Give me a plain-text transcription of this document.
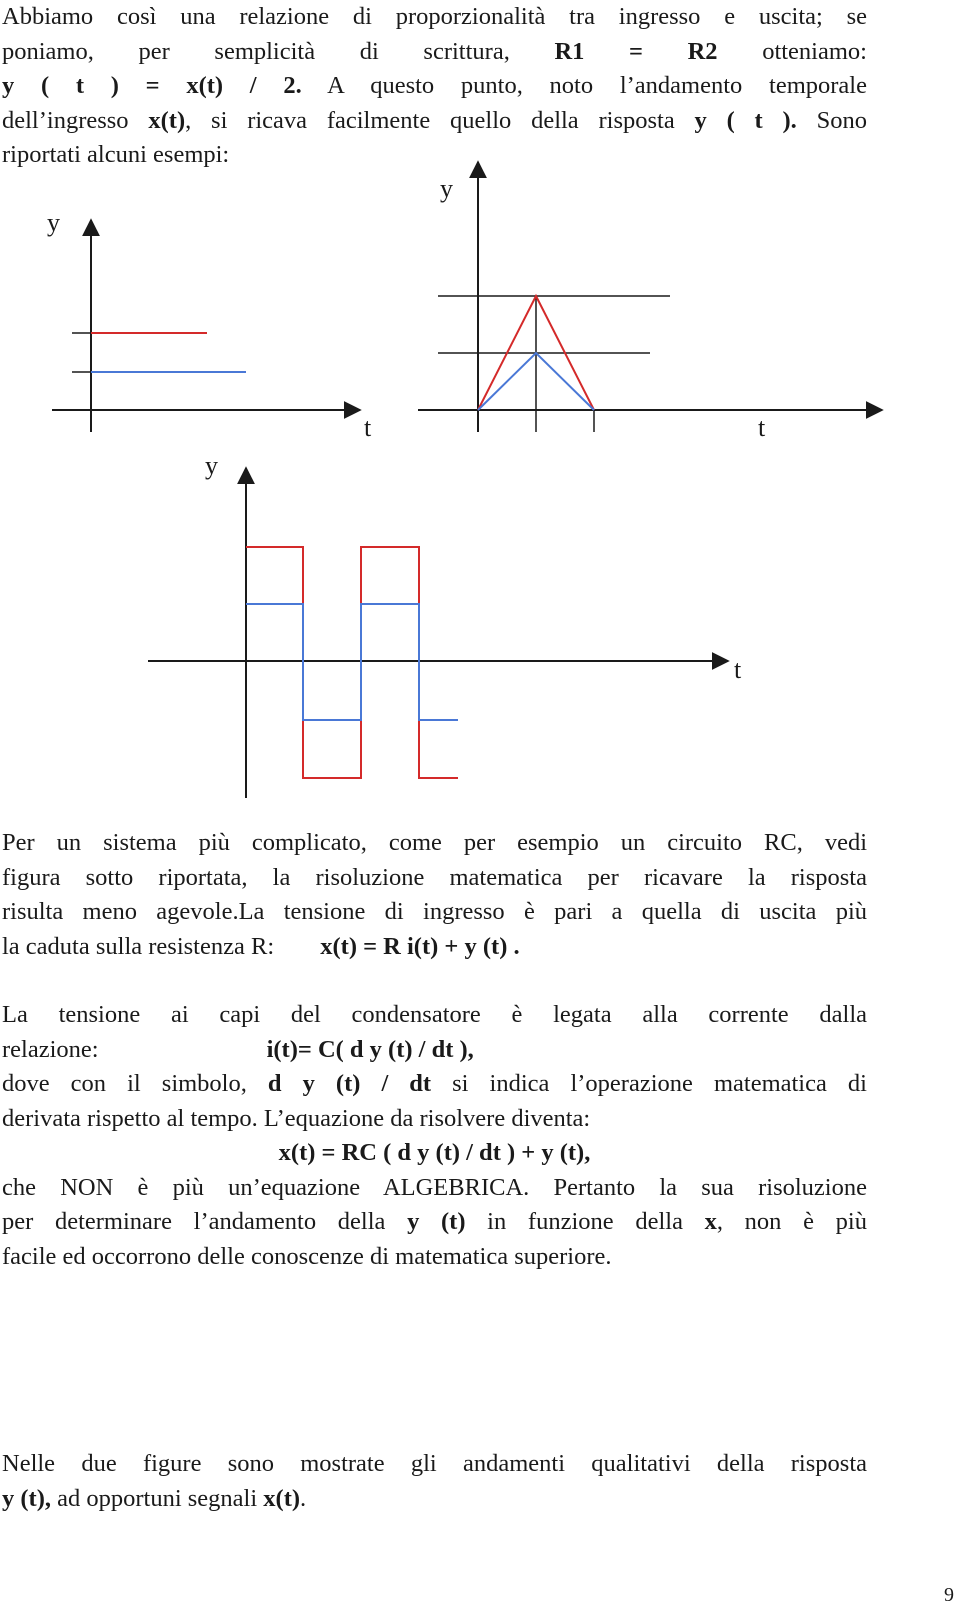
Abbiamo così una relazione di proporzionalità tra ingresso e uscita; se
poniamo, per semplicità di scrittura, R1 = R2 otteniamo:
y ( t ) = x(t) / 2. A questo punto, noto l’andamento temporale
dell’ingresso x(t), si ricava facilmente quello della risposta y ( t ). Sono
riportati alcuni esempi:
y
t
y
t
y
t
Per un sistema più complicato, come per esempio un circuito RC, vedi
figura sotto riportata, la risoluzione matematica per ricavare la risposta
risulta meno agevole.La tensione di ingresso è pari a quella di uscita più
la caduta sulla resistenza R: x(t) = R i(t) + y (t) .
La tensione ai capi del condensatore è legata alla corrente dalla
relazione:	i(t)= C( d y (t) / dt ),
dove con il simbolo, d y (t) / dt si indica l’operazione matematica di
derivata rispetto al tempo. L’equazione da risolvere diventa:
x(t) = RC ( d y (t) / dt ) + y (t),
che NON è più un’equazione ALGEBRICA. Pertanto la sua risoluzione
per determinare l’andamento della y (t) in funzione della x, non è più
facile ed occorrono delle conoscenze di matematica superiore.
Nelle due figure sono mostrate gli andamenti qualitativi della risposta
y (t), ad opportuni segnali x(t).
9
